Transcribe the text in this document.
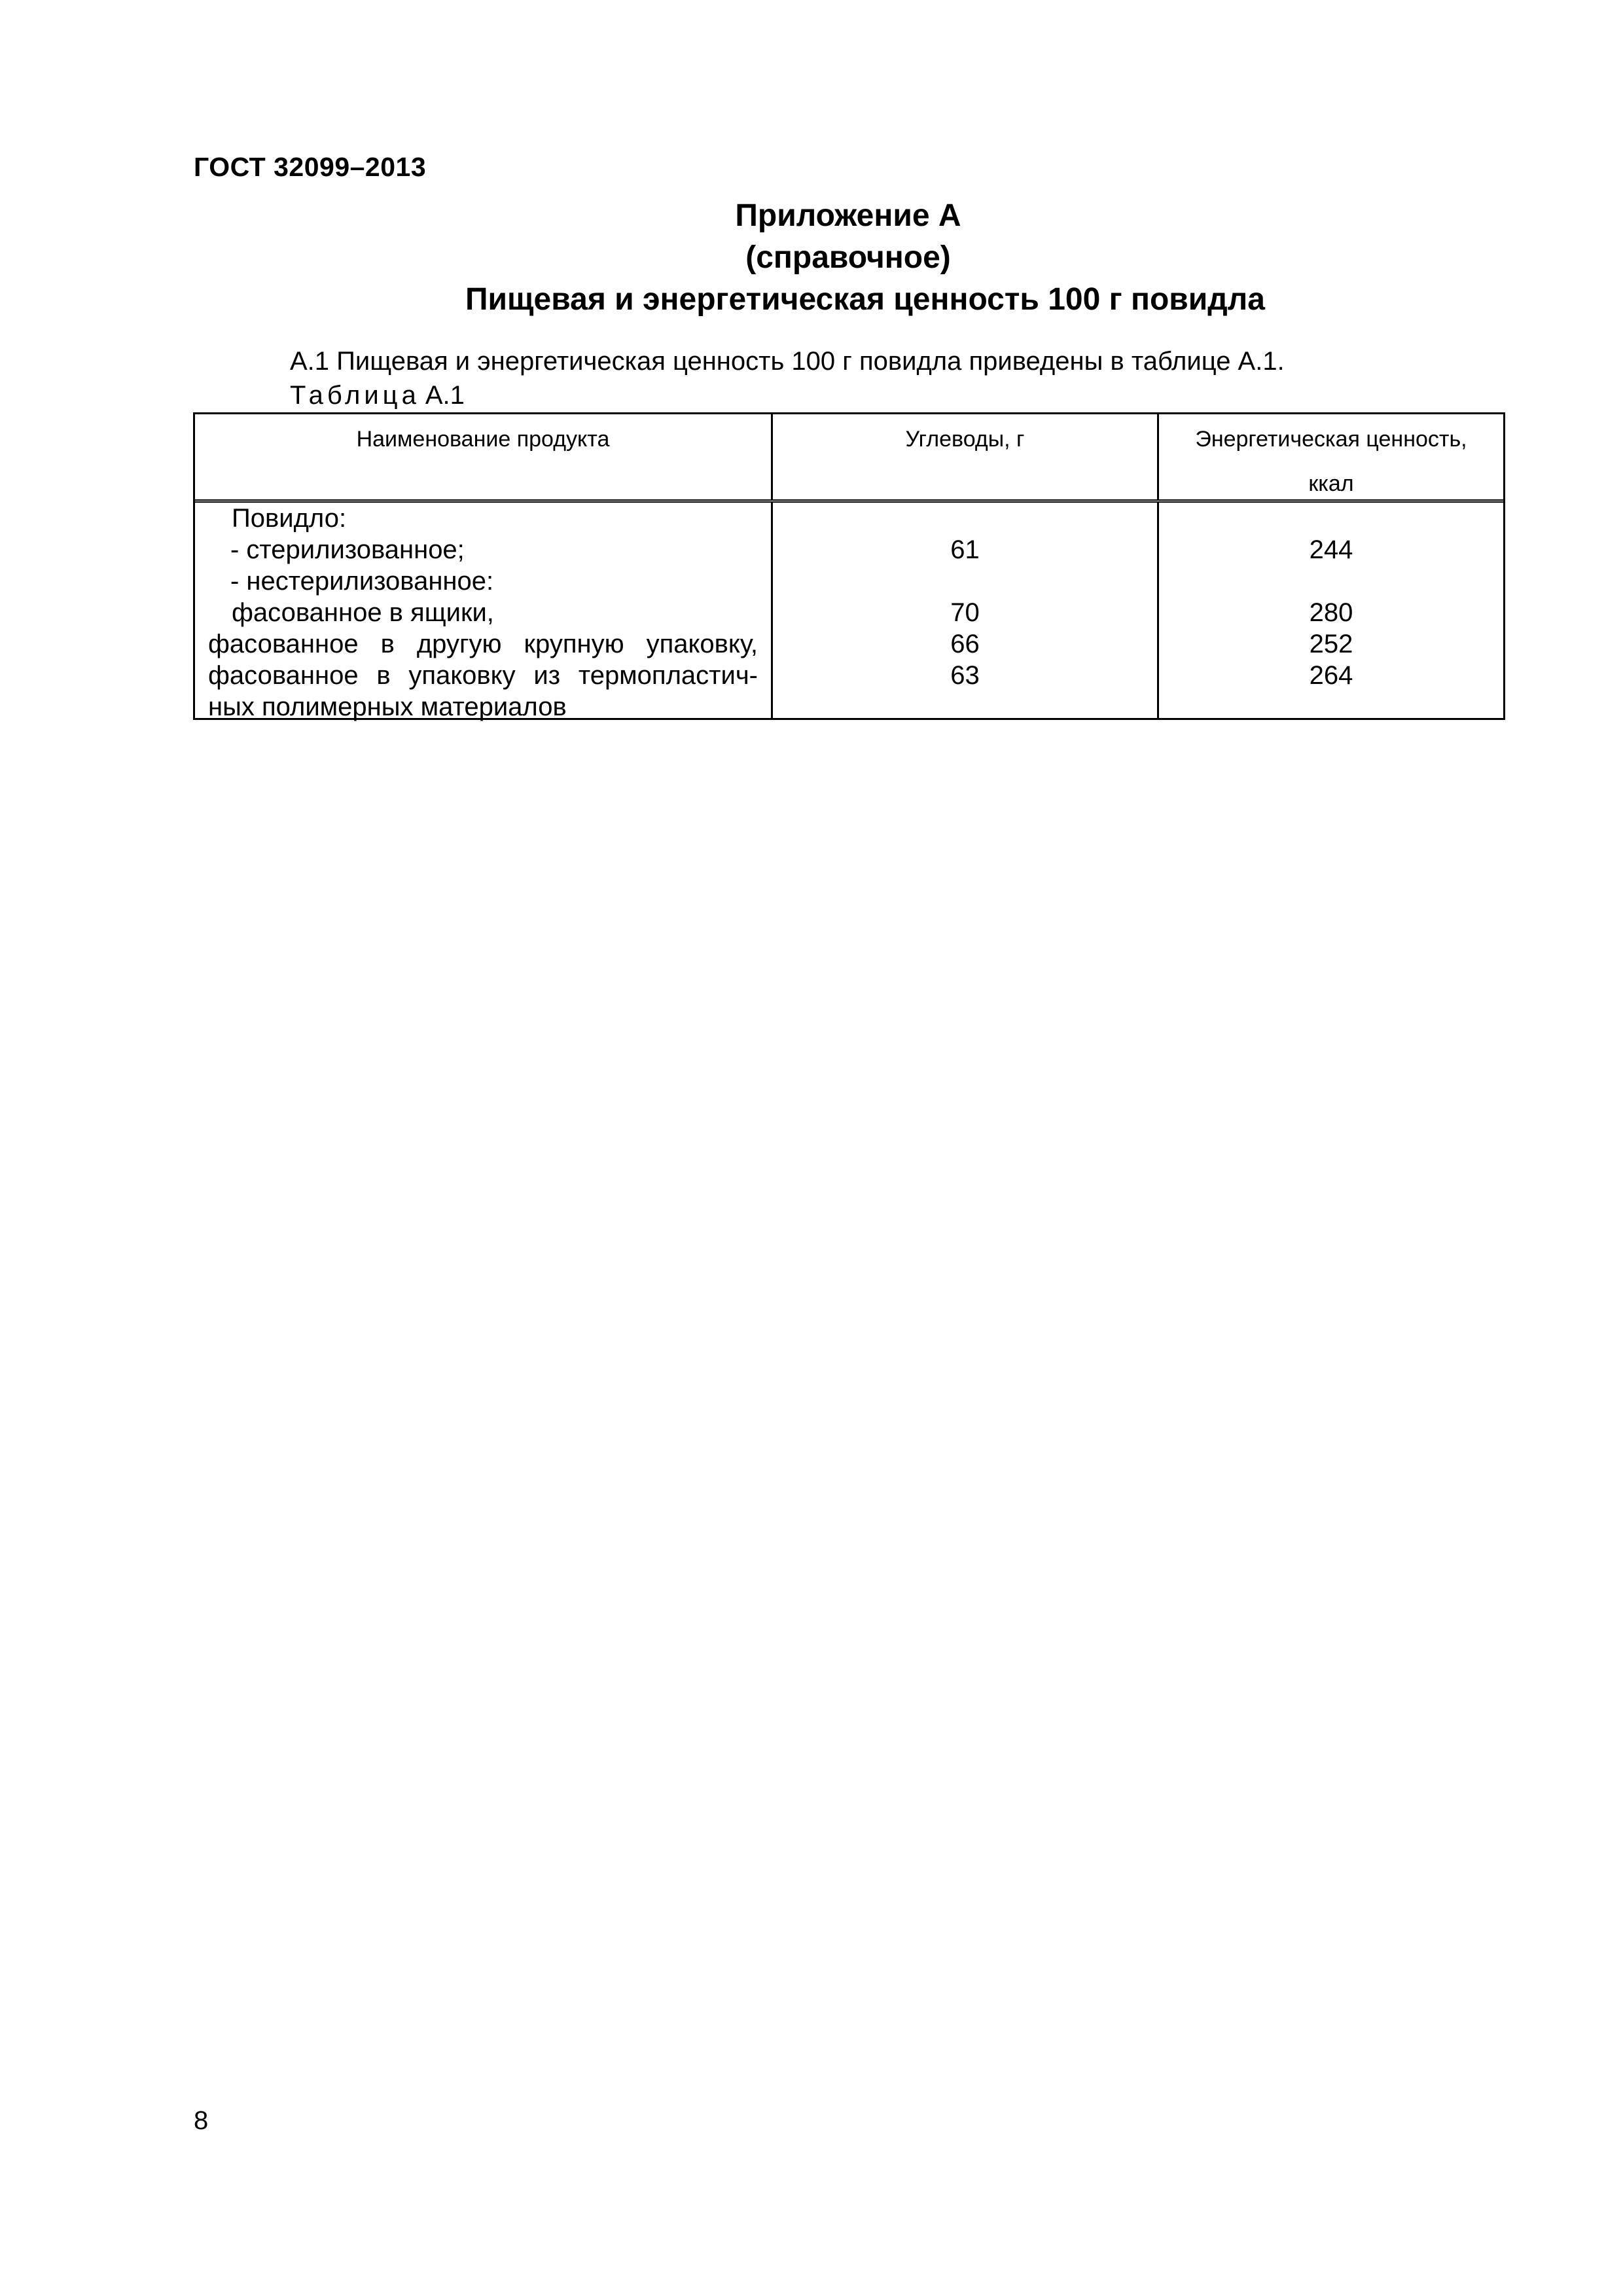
ГОСТ 32099–2013
Приложение А
(справочное)
Пищевая и энергетическая ценность 100 г повидла
А.1 Пищевая и энергетическая ценность 100 г повидла приведены в таблице А.1.
Таблица А.1
Наименование продукта	Углеводы, г	Энергетическая ценность,
ккал
Повидло:
- стерилизованное;
- нестерилизованное:
фасованное в ящики,
фасованное в другую крупную упаковку,
фасованное в упаковку из термопластич-
ных полимерных материалов
61
70
66
63
244
280
252
264
8
